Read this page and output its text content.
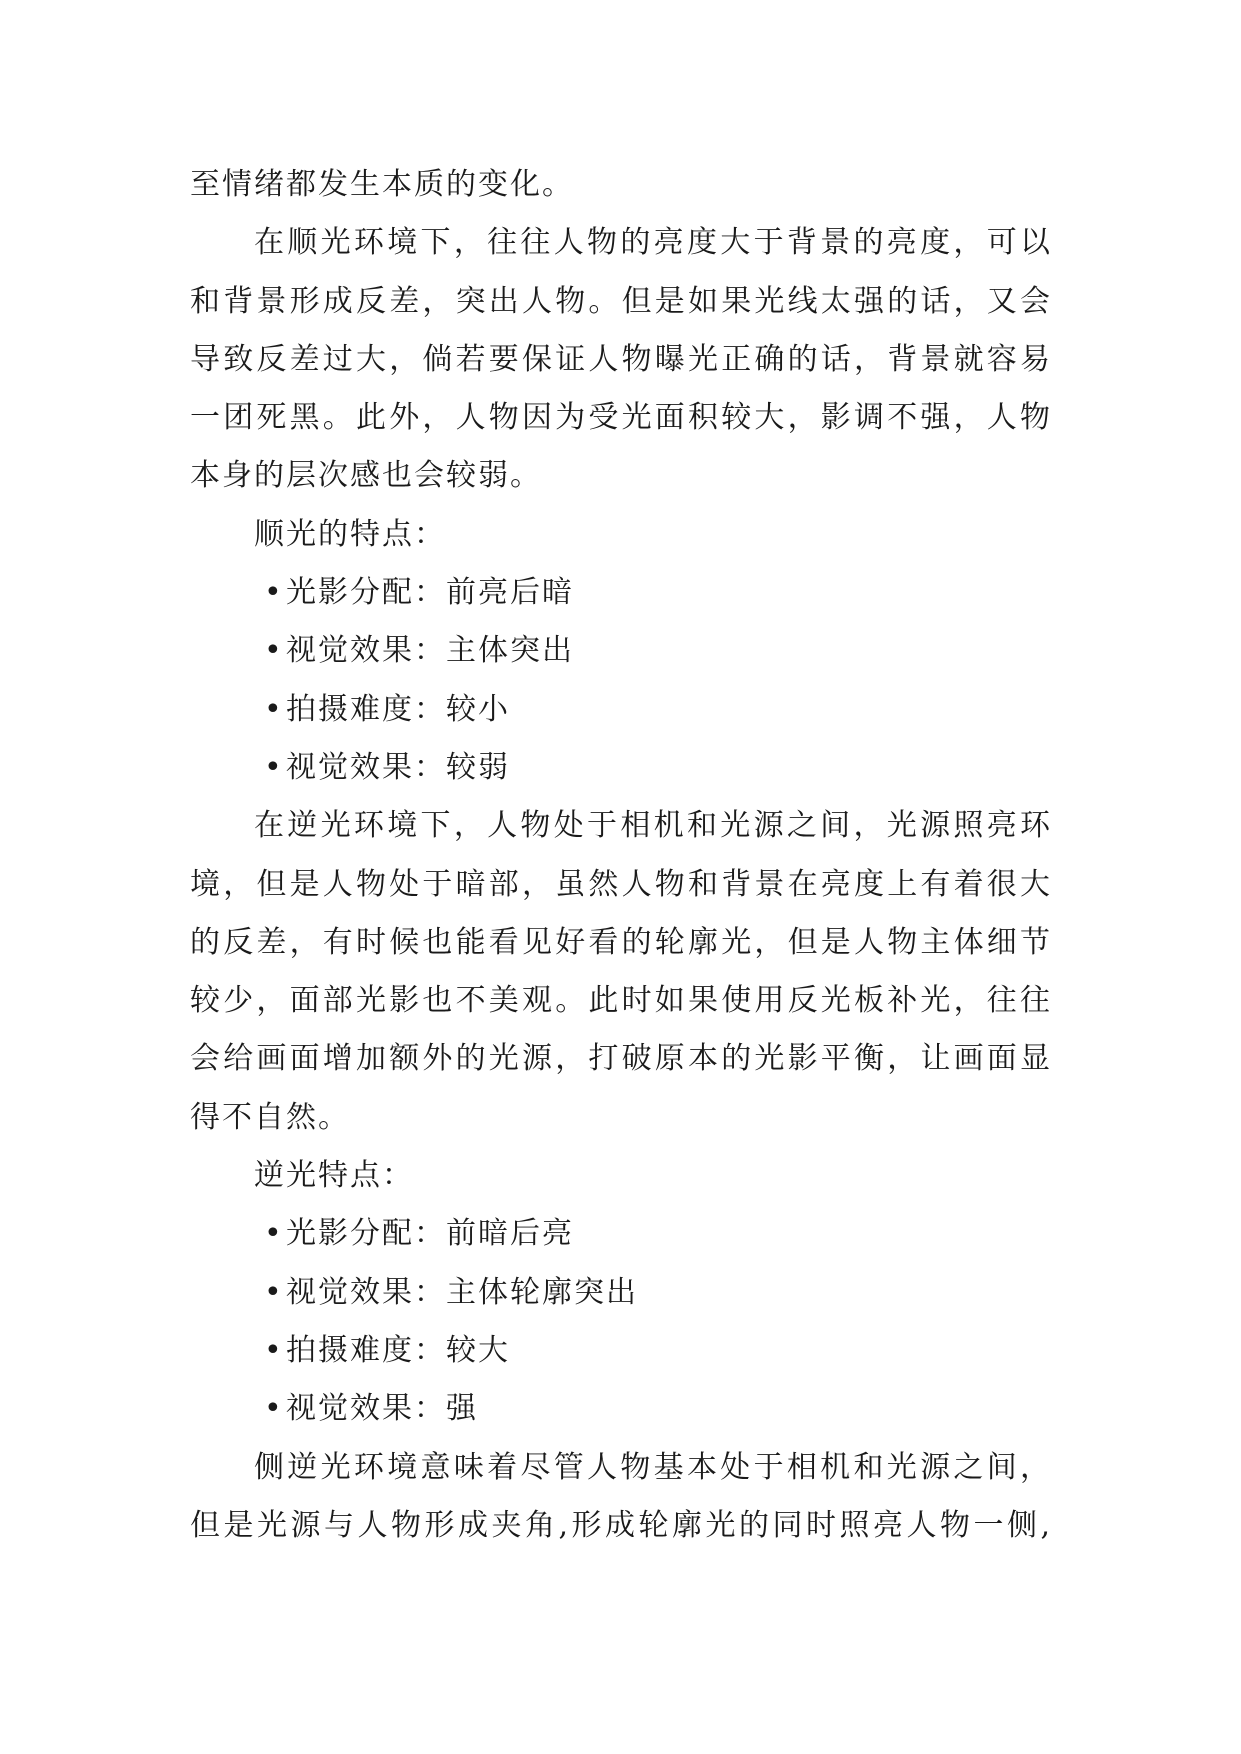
至情绪都发生本质的变化。
在顺光环境下，往往人物的亮度大于背景的亮度，可以
和背景形成反差，突出人物。但是如果光线太强的话，又会
导致反差过大，倘若要保证人物曝光正确的话，背景就容易
一团死黑。此外，人物因为受光面积较大，影调不强，人物
本身的层次感也会较弱。
顺光的特点：
•光影分配：前亮后暗
•视觉效果：主体突出
•拍摄难度：较小
•视觉效果：较弱
在逆光环境下，人物处于相机和光源之间，光源照亮环
境，但是人物处于暗部，虽然人物和背景在亮度上有着很大
的反差，有时候也能看见好看的轮廓光，但是人物主体细节
较少，面部光影也不美观。此时如果使用反光板补光，往往
会给画面增加额外的光源，打破原本的光影平衡，让画面显
得不自然。
逆光特点：
•光影分配：前暗后亮
•视觉效果：主体轮廓突出
•拍摄难度：较大
•视觉效果：强
侧逆光环境意味着尽管人物基本处于相机和光源之间，
但是光源与人物形成夹角,形成轮廓光的同时照亮人物一侧,
